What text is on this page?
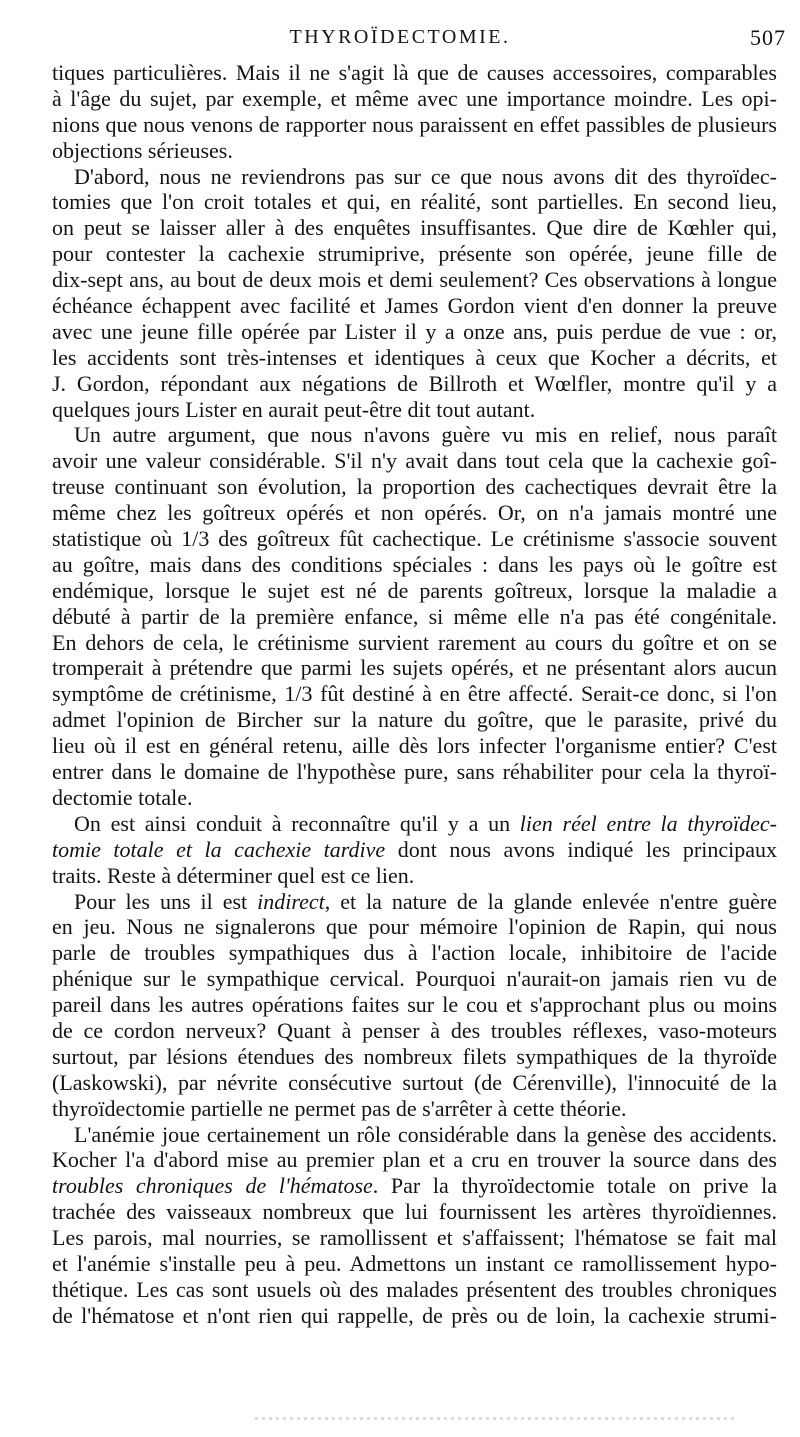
THYROÏDECTOMIE.	507
tiques particulières. Mais il ne s'agit là que de causes accessoires, comparables
à l'âge du sujet, par exemple, et même avec une importance moindre. Les opi-
nions que nous venons de rapporter nous paraissent en effet passibles de plusieurs
objections sérieuses.
D'abord, nous ne reviendrons pas sur ce que nous avons dit des thyroïdec-
tomies que l'on croit totales et qui, en réalité, sont partielles. En second lieu,
on peut se laisser aller à des enquêtes insuffisantes. Que dire de Kœhler qui,
pour contester la cachexie strumiprive, présente son opérée, jeune fille de
dix-sept ans, au bout de deux mois et demi seulement? Ces observations à longue
échéance échappent avec facilité et James Gordon vient d'en donner la preuve
avec une jeune fille opérée par Lister il y a onze ans, puis perdue de vue : or,
les accidents sont très-intenses et identiques à ceux que Kocher a décrits, et
J. Gordon, répondant aux négations de Billroth et Wœlfler, montre qu'il y a
quelques jours Lister en aurait peut-être dit tout autant.
Un autre argument, que nous n'avons guère vu mis en relief, nous paraît
avoir une valeur considérable. S'il n'y avait dans tout cela que la cachexie goî-
treuse continuant son évolution, la proportion des cachectiques devrait être la
même chez les goîtreux opérés et non opérés. Or, on n'a jamais montré une
statistique où 1/3 des goîtreux fût cachectique. Le crétinisme s'associe souvent
au goître, mais dans des conditions spéciales : dans les pays où le goître est
endémique, lorsque le sujet est né de parents goîtreux, lorsque la maladie a
débuté à partir de la première enfance, si même elle n'a pas été congénitale.
En dehors de cela, le crétinisme survient rarement au cours du goître et on se
tromperait à prétendre que parmi les sujets opérés, et ne présentant alors aucun
symptôme de crétinisme, 1/3 fût destiné à en être affecté. Serait-ce donc, si l'on
admet l'opinion de Bircher sur la nature du goître, que le parasite, privé du
lieu où il est en général retenu, aille dès lors infecter l'organisme entier? C'est
entrer dans le domaine de l'hypothèse pure, sans réhabiliter pour cela la thyroï-
dectomie totale.
On est ainsi conduit à reconnaître qu'il y a un lien réel entre la thyroïdec-
tomie totale et la cachexie tardive dont nous avons indiqué les principaux
traits. Reste à déterminer quel est ce lien.
Pour les uns il est indirect, et la nature de la glande enlevée n'entre guère
en jeu. Nous ne signalerons que pour mémoire l'opinion de Rapin, qui nous
parle de troubles sympathiques dus à l'action locale, inhibitoire de l'acide
phénique sur le sympathique cervical. Pourquoi n'aurait-on jamais rien vu de
pareil dans les autres opérations faites sur le cou et s'approchant plus ou moins
de ce cordon nerveux? Quant à penser à des troubles réflexes, vaso-moteurs
surtout, par lésions étendues des nombreux filets sympathiques de la thyroïde
(Laskowski), par névrite consécutive surtout (de Cérenville), l'innocuité de la
thyroïdectomie partielle ne permet pas de s'arrêter à cette théorie.
L'anémie joue certainement un rôle considérable dans la genèse des accidents.
Kocher l'a d'abord mise au premier plan et a cru en trouver la source dans des
troubles chroniques de l'hématose. Par la thyroïdectomie totale on prive la
trachée des vaisseaux nombreux que lui fournissent les artères thyroïdiennes.
Les parois, mal nourries, se ramollissent et s'affaissent; l'hématose se fait mal
et l'anémie s'installe peu à peu. Admettons un instant ce ramollissement hypo-
thétique. Les cas sont usuels où des malades présentent des troubles chroniques
de l'hématose et n'ont rien qui rappelle, de près ou de loin, la cachexie strumi-
